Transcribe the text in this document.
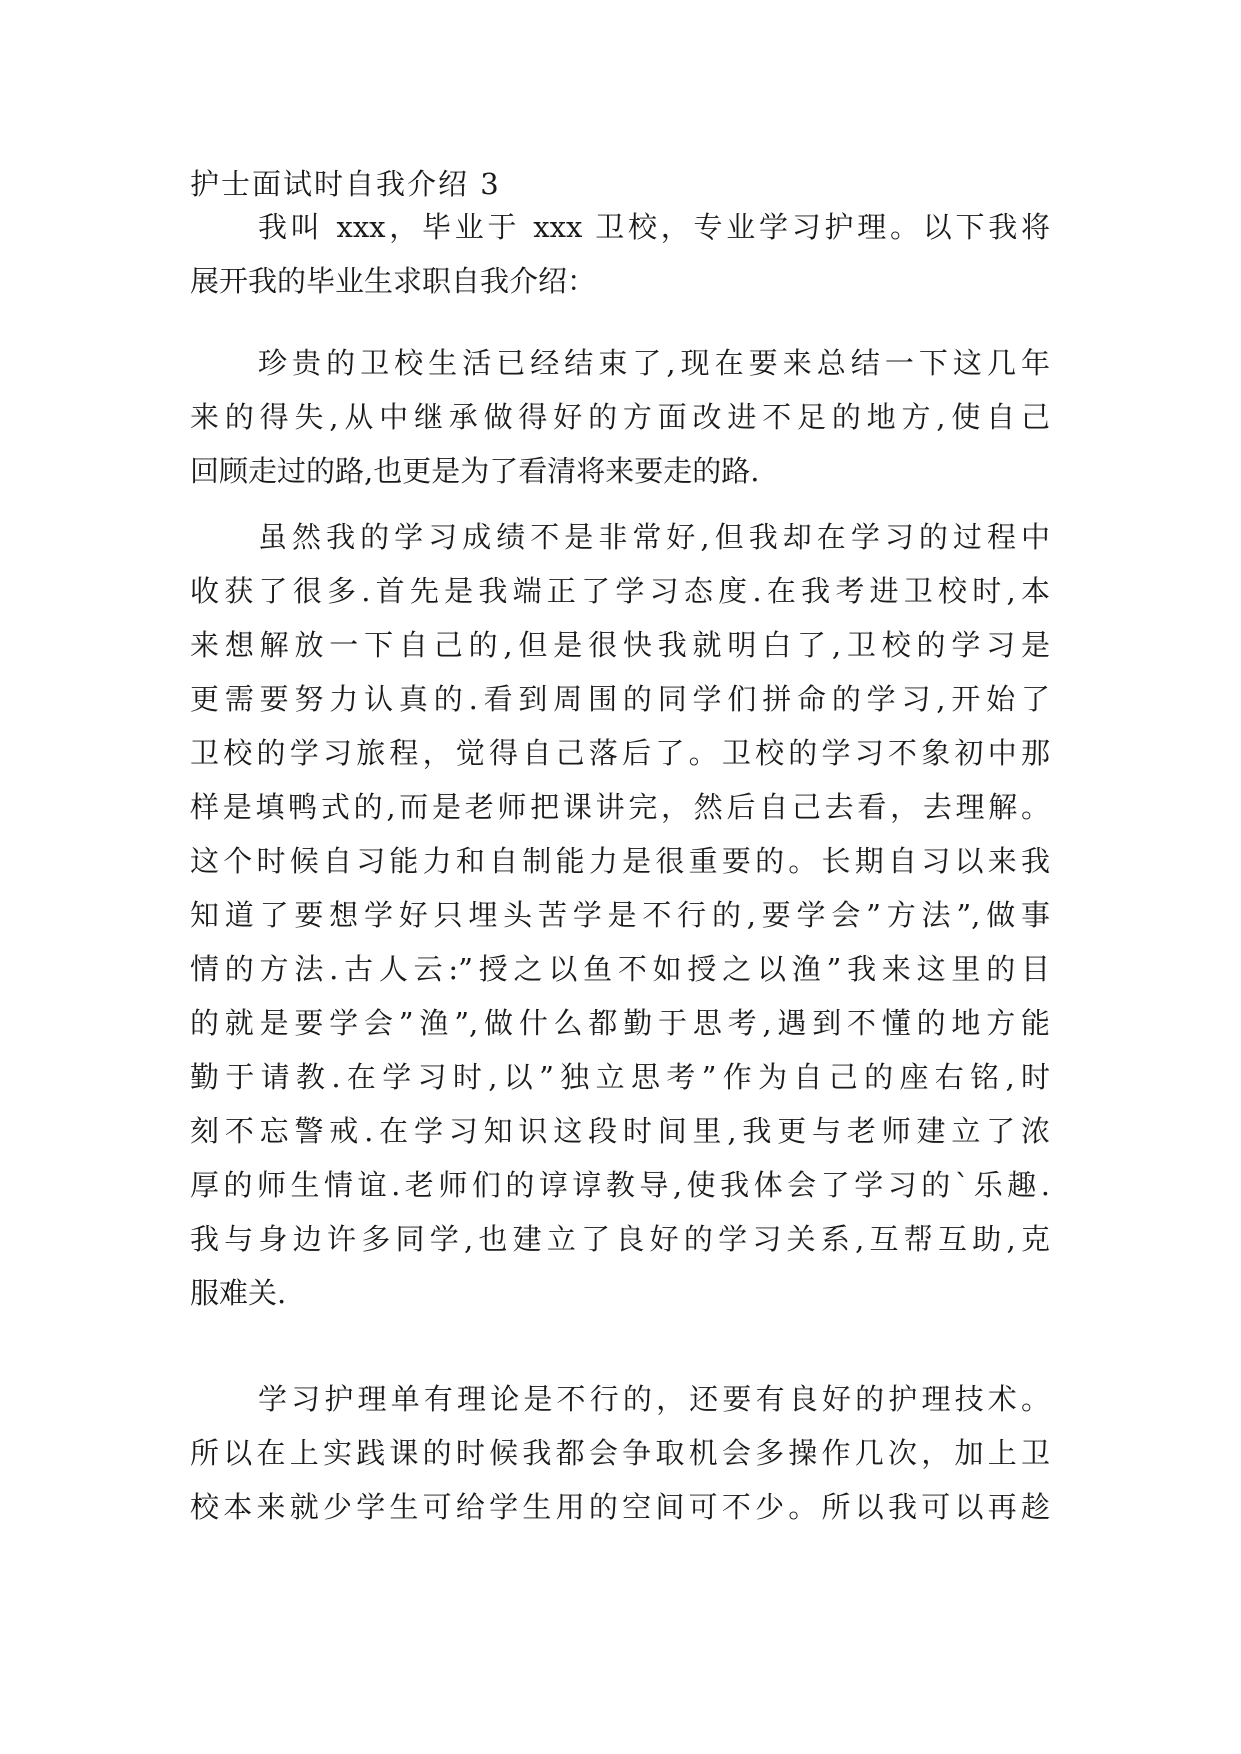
护士面试时自我介绍 3
我叫 xxx，毕业于 xxx 卫校，专业学习护理。以下我将
展开我的毕业生求职自我介绍：
珍贵的卫校生活已经结束了,现在要来总结一下这几年
来的得失,从中继承做得好的方面改进不足的地方,使自己
回顾走过的路,也更是为了看清将来要走的路.
虽然我的学习成绩不是非常好,但我却在学习的过程中
收获了很多.首先是我端正了学习态度.在我考进卫校时,本
来想解放一下自己的,但是很快我就明白了,卫校的学习是
更需要努力认真的.看到周围的同学们拼命的学习,开始了
卫校的学习旅程，觉得自己落后了。卫校的学习不象初中那
样是填鸭式的,而是老师把课讲完，然后自己去看，去理解。
这个时候自习能力和自制能力是很重要的。长期自习以来我
知道了要想学好只埋头苦学是不行的,要学会”方法”,做事
情的方法.古人云:”授之以鱼不如授之以渔”我来这里的目
的就是要学会”渔”,做什么都勤于思考,遇到不懂的地方能
勤于请教.在学习时,以”独立思考”作为自己的座右铭,时
刻不忘警戒.在学习知识这段时间里,我更与老师建立了浓
厚的师生情谊.老师们的谆谆教导,使我体会了学习的`乐趣.
我与身边许多同学,也建立了良好的学习关系,互帮互助,克
服难关.
学习护理单有理论是不行的，还要有良好的护理技术。
所以在上实践课的时候我都会争取机会多操作几次，加上卫
校本来就少学生可给学生用的空间可不少。所以我可以再趁
